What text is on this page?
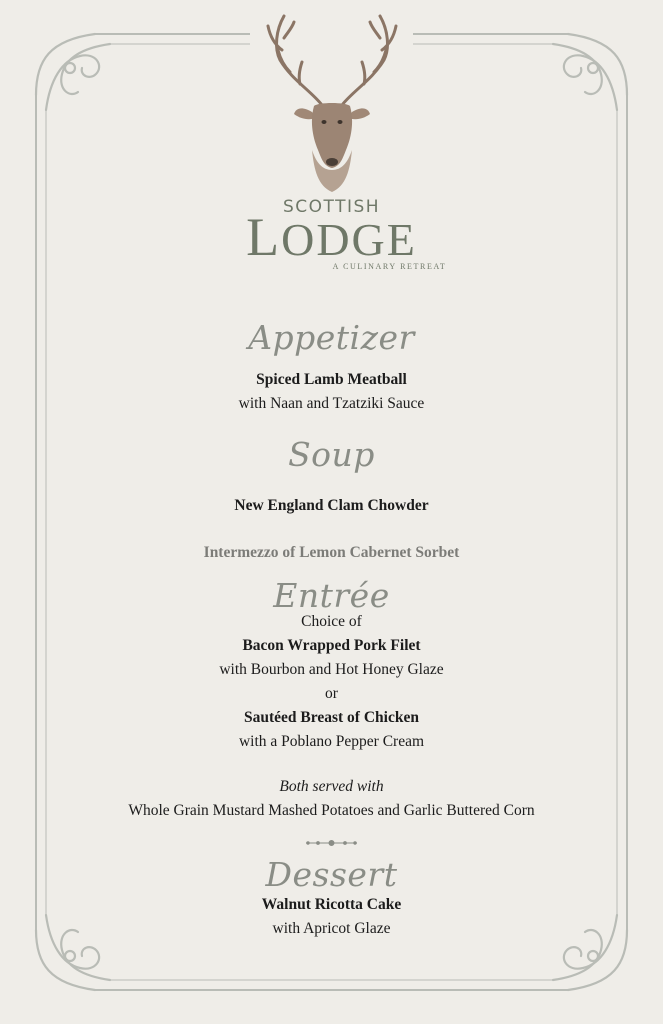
SCOTTISH
LODGE
A CULINARY RETREAT
Appetizer
Spiced Lamb Meatball
with Naan and Tzatziki Sauce
Soup
New England Clam Chowder
Intermezzo of Lemon Cabernet Sorbet
Entrée
Choice of
Bacon Wrapped Pork Filet
with Bourbon and Hot Honey Glaze
or
Sautéed Breast of Chicken
with a Poblano Pepper Cream
Both served with
Whole Grain Mustard Mashed Potatoes and Garlic Buttered Corn
Dessert
Walnut Ricotta Cake
with Apricot Glaze
